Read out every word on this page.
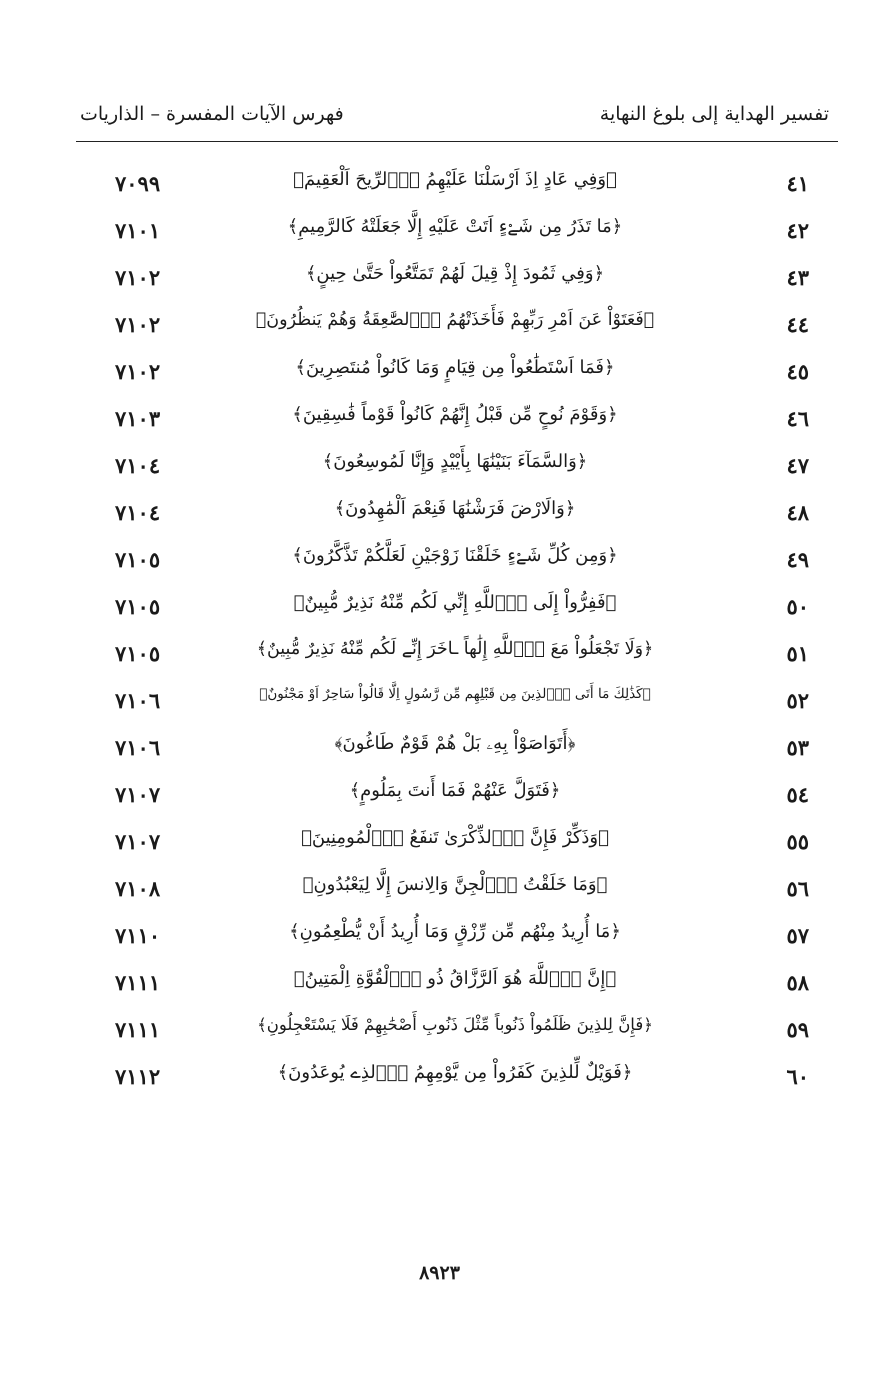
تفسير الهداية إلى بلوغ النهاية
فهرس الآيات المفسرة – الذاريات
٤١
﴿وَفِي عَادٍ اِذَ اَرْسَلْنَا عَلَيْهِمُ اُ۬لرِّيحَ اَلْعَقِيمَ﴾
٧٠٩٩
٤٢
﴿مَا تَذَرُ مِن شَےْءٍ اَتَتْ عَلَيْهِ إِلَّا جَعَلَتْهُ كَالرَّمِيمِ﴾
٧١٠١
٤٣
﴿وَفِي ثَمُودَ إِذْ قِيلَ لَهُمْ تَمَتَّعُواْ حَتَّىٰ حِينٍ﴾
٧١٠٢
٤٤
﴿فَعَتَوْاْ عَنَ اَمْرِ رَبِّهِمْ فَأَخَذَتْهُمُ اُ۬لصَّٰعِقَةُ وَهُمْ يَنظُرُونَ﴾
٧١٠٢
٤٥
﴿فَمَا اَسْتَطَٰعُواْ مِن قِيَامٍ وَمَا كَانُواْ مُنتَصِرِينَ﴾
٧١٠٢
٤٦
﴿وَقَوْمَ نُوحٍ مِّن قَبْلُ إِنَّهُمْ كَانُواْ قَوْماً فَٰسِقِينَ﴾
٧١٠٣
٤٧
﴿وَالسَّمَآءَ بَنَيْنَٰهَا بِأَيْيْدٍ وَإِنَّا لَمُوسِعُونَ﴾
٧١٠٤
٤٨
﴿وَالَارْضَ فَرَشْنَٰهَا فَنِعْمَ اَلْمَٰهِدُونَ﴾
٧١٠٤
٤٩
﴿وَمِن كُلِّ شَےْءٍ خَلَقْنَا زَوْجَيْنِ لَعَلَّكُمْ تَذَّكَّرُونَ﴾
٧١٠٥
٥٠
﴿فَفِرُّواْ إِلَى اَ۬للَّهِ إِنِّي لَكُم مِّنْهُ نَذِيرٌ مُّبِينٌ﴾
٧١٠٥
٥١
﴿وَلَا تَجْعَلُواْ مَعَ اَ۬للَّهِ إِلَٰهاً ـاخَرَ إِنِّے لَكُم مِّنْهُ نَذِيرٌ مُّبِينٌ﴾
٧١٠٥
٥٢
﴿كَذَٰلِكَ مَا أَتَى اَ۬لذِينَ مِن قَبْلِهِم مِّن رَّسُولٍ اِلَّا قَالُواْ سَاحِرٌ اَوْ مَجْنُونٌ﴾
٧١٠٦
٥٣
﴿أَتَوَاصَوْاْ بِهِۦ بَلْ هُمْ قَوْمٌ طَاغُونَ﴾
٧١٠٦
٥٤
﴿فَتَوَلَّ عَنْهُمْ فَمَا أَنتَ بِمَلُومٍ﴾
٧١٠٧
٥٥
﴿وَذَكِّرْ فَإِنَّ اَ۬لذِّكْرَىٰ تَنفَعُ اُ۬لْمُومِنِينَ﴾
٧١٠٧
٥٦
﴿وَمَا خَلَقْتُ اُ۬لْجِنَّ وَالِانسَ إِلَّا لِيَعْبُدُونِ﴾
٧١٠٨
٥٧
﴿مَا أُرِيدُ مِنْهُم مِّن رِّزْقٍ وَمَا أُرِيدُ أَنْ يُّطْعِمُونِ﴾
٧١١٠
٥٨
﴿إِنَّ اَ۬للَّهَ هُوَ اَلرَّزَّاقُ ذُو اُ۬لْقُوَّةِ اِلْمَتِينُ﴾
٧١١١
٥٩
﴿فَإِنَّ لِلذِينَ ظَلَمُواْ ذَنُوباً مِّثْلَ ذَنُوبِ أَصْحَٰبِهِمْ فَلَا يَسْتَعْجِلُونِ﴾
٧١١١
٦٠
﴿فَوَيْلٌ لِّلذِينَ كَفَرُواْ مِن يَّوْمِهِمُ اُ۬لذِے يُوعَدُونَ﴾
٧١١٢
٨٩٢٣
